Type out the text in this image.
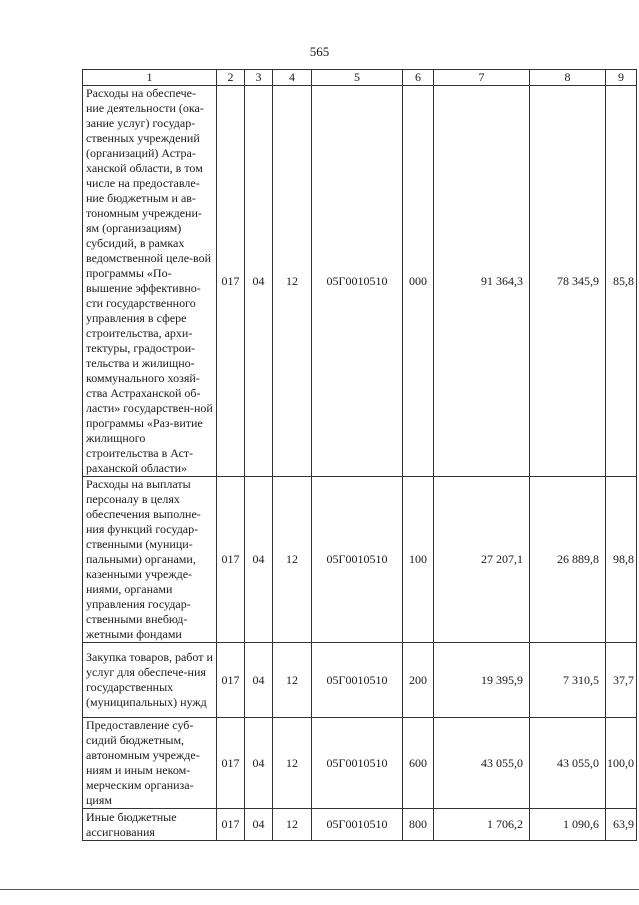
565
1	2	3	4	5	6	7	8	9
Расходы на обеспече-ние деятельности (ока-зание услуг) государ-ственных учреждений (организаций) Астра-ханской области, в том числе на предоставле-ние бюджетным и ав-тономным учреждени-ям (организациям) субсидий, в рамках ведомственной целе-вой программы «По-вышение эффективно-сти государственного управления в сфере строительства, архи-тектуры, градострои-тельства и жилищно-коммунального хозяй-ства Астраханской об-ласти» государствен-ной программы «Раз-витие жилищного строительства в Аст-раханской области»	017	04	12	05Г0010510	000	91 364,3	78 345,9	85,8
Расходы на выплаты персоналу в целях обеспечения выполне-ния функций государ-ственными (муници-пальными) органами, казенными учрежде-ниями, органами управления государ-ственными внебюд-жетными фондами	017	04	12	05Г0010510	100	27 207,1	26 889,8	98,8
Закупка товаров, работ и услуг для обеспече-ния государственных (муниципальных) нужд	017	04	12	05Г0010510	200	19 395,9	7 310,5	37,7
Предоставление суб-сидий бюджетным, автономным учрежде-ниям и иным неком-мерческим организа-циям	017	04	12	05Г0010510	600	43 055,0	43 055,0	100,0
Иные бюджетные ассигнования	017	04	12	05Г0010510	800	1 706,2	1 090,6	63,9
